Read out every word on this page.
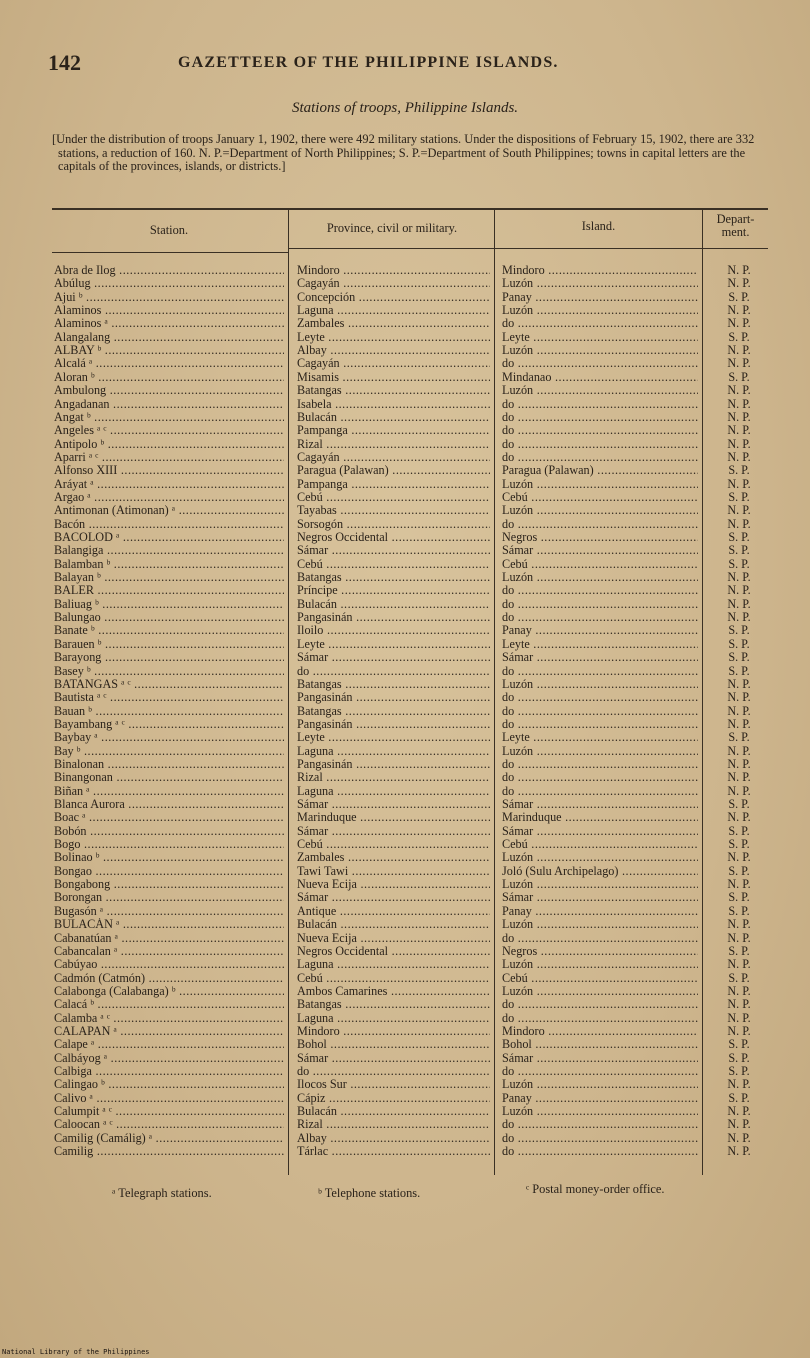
142	GAZETTEER OF THE PHILIPPINE ISLANDS.
Stations of troops, Philippine Islands.
[Under the distribution of troops January 1, 1902, there were 492 military stations. Under the dispositions of February 15, 1902, there are 332 stations, a reduction of 160. N. P.=Department of North Philippines; S. P.=Department of South Philippines; towns in capital letters are the capitals of the provinces, islands, or districts.]
Station.	Province, civil or military.	Island.	Depart-
ment.
Abra de Ilog .....	Mindoro .....	Mindoro .....	N. P.
Abúlug .....	Cagayán .....	Luzón .....	N. P.
Ajui ᵇ .....	Concepción .....	Panay .....	S. P.
Alaminos .....	Laguna .....	Luzón .....	N. P.
Alaminos ᵃ .....	Zambales .....	do .....	N. P.
Alangalang .....	Leyte .....	Leyte .....	S. P.
ALBAY ᵇ .....	Albay .....	Luzón .....	N. P.
Alcalá ᵃ .....	Cagayán .....	do .....	N. P.
Aloran ᵇ .....	Misamis .....	Mindanao .....	S. P.
Ambulong .....	Batangas .....	Luzón .....	N. P.
Angadanan .....	Isabela .....	do .....	N. P.
Angat ᵇ .....	Bulacán .....	do .....	N. P.
Angeles ᵃ ᶜ .....	Pampanga .....	do .....	N. P.
Antipolo ᵇ .....	Rizal .....	do .....	N. P.
Aparri ᵃ ᶜ .....	Cagayán .....	do .....	N. P.
Alfonso XIII .....	Paragua (Palawan) .....	Paragua (Palawan) .....	S. P.
Aráyat ᵃ .....	Pampanga .....	Luzón .....	N. P.
Argao ᵃ .....	Cebú .....	Cebú .....	S. P.
Antimonan (Atimonan) ᵃ .....	Tayabas .....	Luzón .....	N. P.
Bacón .....	Sorsogón .....	do .....	N. P.
BACOLOD ᵃ .....	Negros Occidental .....	Negros .....	S. P.
Balangiga .....	Sámar .....	Sámar .....	S. P.
Balamban ᵇ .....	Cebú .....	Cebú .....	S. P.
Balayan ᵇ .....	Batangas .....	Luzón .....	N. P.
BALER .....	Príncipe .....	do .....	N. P.
Baliuag ᵇ .....	Bulacán .....	do .....	N. P.
Balungao .....	Pangasinán .....	do .....	N. P.
Banate ᵇ .....	Iloilo .....	Panay .....	S. P.
Barauen ᵇ .....	Leyte .....	Leyte .....	S. P.
Barayong .....	Sámar .....	Sámar .....	S. P.
Basey ᵇ .....	do .....	do .....	S. P.
BATANGAS ᵃ ᶜ .....	Batangas .....	Luzón .....	N. P.
Bautista ᵃ ᶜ .....	Pangasinán .....	do .....	N. P.
Bauan ᵇ .....	Batangas .....	do .....	N. P.
Bayambang ᵃ ᶜ .....	Pangasinán .....	do .....	N. P.
Baybay ᵃ .....	Leyte .....	Leyte .....	S. P.
Bay ᵇ .....	Laguna .....	Luzón .....	N. P.
Binalonan .....	Pangasinán .....	do .....	N. P.
Binangonan .....	Rizal .....	do .....	N. P.
Biñan ᵃ .....	Laguna .....	do .....	N. P.
Blanca Aurora .....	Sámar .....	Sámar .....	S. P.
Boac ᵃ .....	Marinduque .....	Marinduque .....	N. P.
Bobón .....	Sámar .....	Sámar .....	S. P.
Bogo .....	Cebú .....	Cebú .....	S. P.
Bolinao ᵇ .....	Zambales .....	Luzón .....	N. P.
Bongao .....	Tawi Tawi .....	Joló (Sulu Archipelago) .....	S. P.
Bongabong .....	Nueva Ecija .....	Luzón .....	N. P.
Borongan .....	Sámar .....	Sámar .....	S. P.
Bugasón ᵃ .....	Antique .....	Panay .....	S. P.
BULACÁN ᵃ .....	Bulacán .....	Luzón .....	N. P.
Cabanatúan ᵃ .....	Nueva Ecija .....	do .....	N. P.
Cabancalan ᵃ .....	Negros Occidental .....	Negros .....	S. P.
Cabúyao .....	Laguna .....	Luzón .....	N. P.
Cadmón (Catmón) .....	Cebú .....	Cebú .....	S. P.
Calabonga (Calabanga) ᵇ .....	Ambos Camarines .....	Luzón .....	N. P.
Calacá ᵇ .....	Batangas .....	do .....	N. P.
Calamba ᵃ ᶜ .....	Laguna .....	do .....	N. P.
CALAPAN ᵃ .....	Mindoro .....	Mindoro .....	N. P.
Calape ᵃ .....	Bohol .....	Bohol .....	S. P.
Calbáyog ᵃ .....	Sámar .....	Sámar .....	S. P.
Calbiga .....	do .....	do .....	S. P.
Calingao ᵇ .....	Ilocos Sur .....	Luzón .....	N. P.
Calivo ᵃ .....	Cápiz .....	Panay .....	S. P.
Calumpit ᵃ ᶜ .....	Bulacán .....	Luzón .....	N. P.
Caloocan ᵃ ᶜ .....	Rizal .....	do .....	N. P.
Camilig (Camálig) ᵃ .....	Albay .....	do .....	N. P.
Camilig .....	Tárlac .....	do .....	N. P.
ᵃ Telegraph stations.	ᵇ Telephone stations.	ᶜ Postal money-order office.
National Library of the Philippines
